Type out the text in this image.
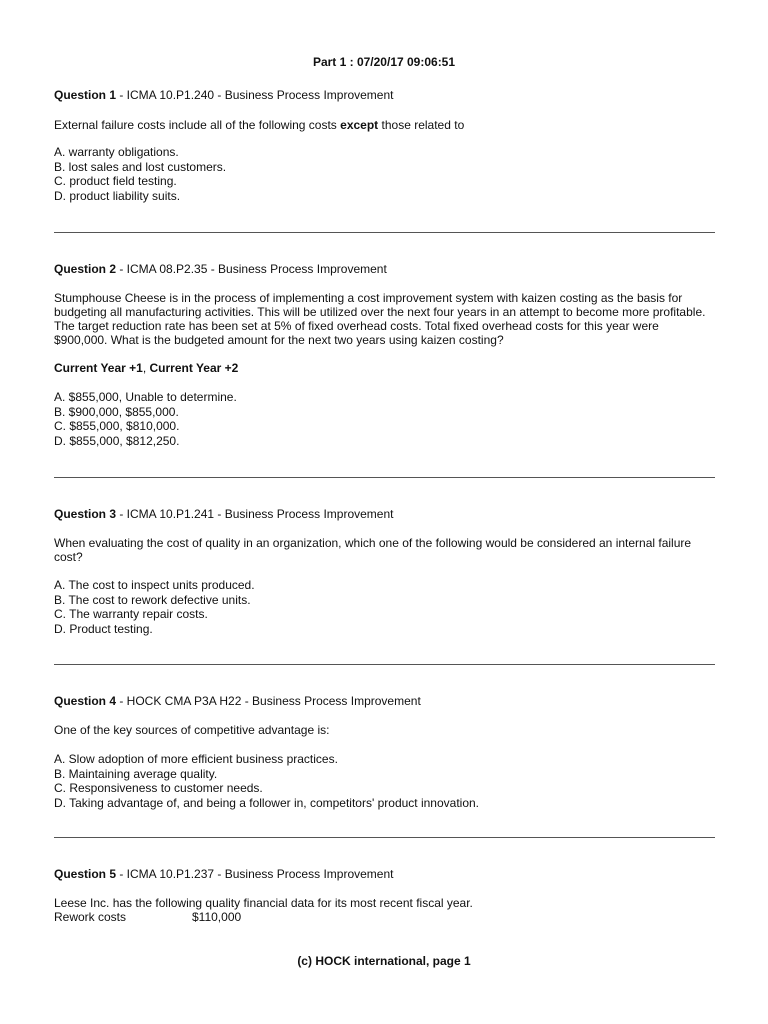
Part 1 : 07/20/17 09:06:51

Question 1 - ICMA 10.P1.240 - Business Process Improvement

External failure costs include all of the following costs except those related to

A. warranty obligations.
B. lost sales and lost customers.
C. product field testing.
D. product liability suits.

Question 2 - ICMA 08.P2.35 - Business Process Improvement

Stumphouse Cheese is in the process of implementing a cost improvement system with kaizen costing as the basis for budgeting all manufacturing activities. This will be utilized over the next four years in an attempt to become more profitable. The target reduction rate has been set at 5% of fixed overhead costs. Total fixed overhead costs for this year were $900,000. What is the budgeted amount for the next two years using kaizen costing?

Current Year +1, Current Year +2

A. $855,000, Unable to determine.
B. $900,000, $855,000.
C. $855,000, $810,000.
D. $855,000, $812,250.

Question 3 - ICMA 10.P1.241 - Business Process Improvement

When evaluating the cost of quality in an organization, which one of the following would be considered an internal failure cost?

A. The cost to inspect units produced.
B. The cost to rework defective units.
C. The warranty repair costs.
D. Product testing.

Question 4 - HOCK CMA P3A H22 - Business Process Improvement

One of the key sources of competitive advantage is:

A. Slow adoption of more efficient business practices.
B. Maintaining average quality.
C. Responsiveness to customer needs.
D. Taking advantage of, and being a follower in, competitors' product innovation.

Question 5 - ICMA 10.P1.237 - Business Process Improvement

Leese Inc. has the following quality financial data for its most recent fiscal year.

Rework costs	$110,000
(c) HOCK international, page 1
